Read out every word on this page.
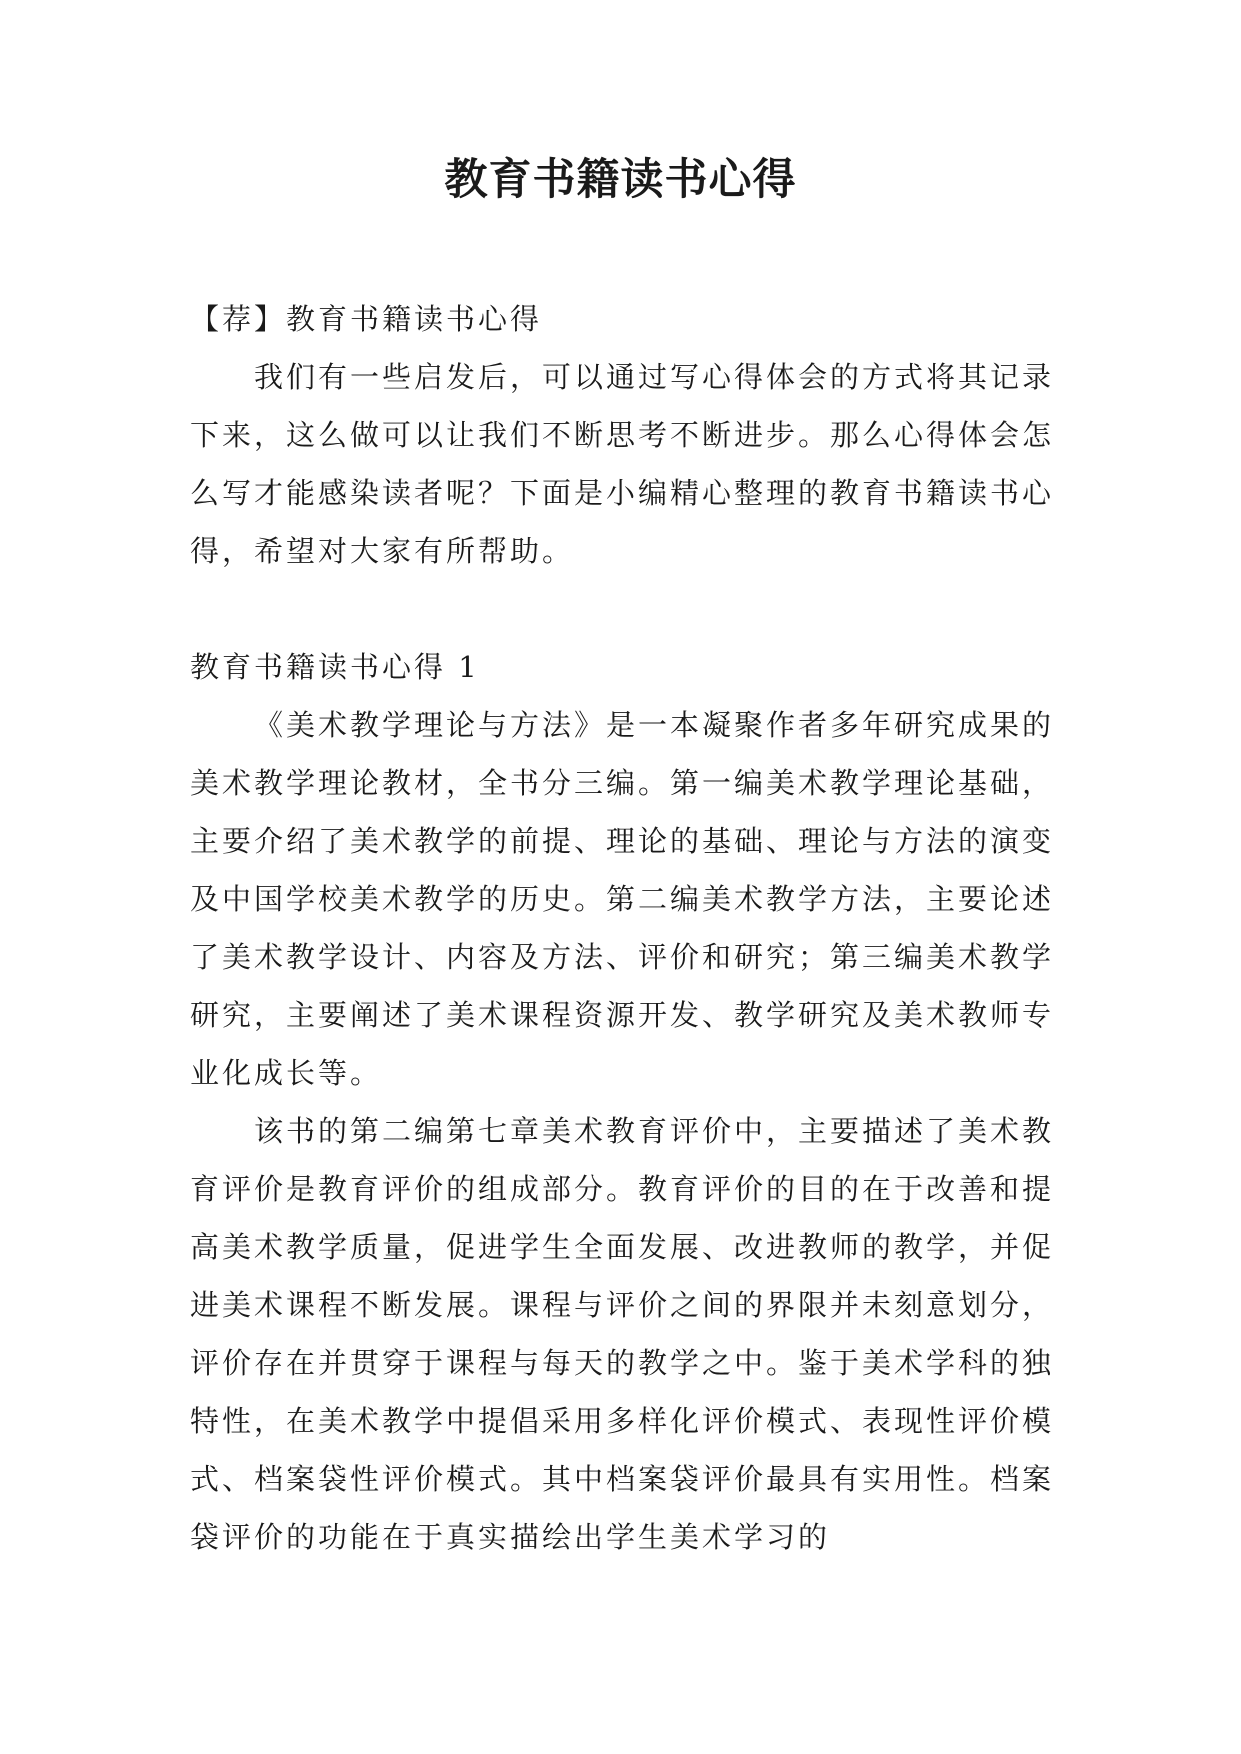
教育书籍读书心得

【荐】教育书籍读书心得

我们有一些启发后，可以通过写心得体会的方式将其记录下来，这么做可以让我们不断思考不断进步。那么心得体会怎么写才能感染读者呢？下面是小编精心整理的教育书籍读书心得，希望对大家有所帮助。

教育书籍读书心得 1

《美术教学理论与方法》是一本凝聚作者多年研究成果的美术教学理论教材，全书分三编。第一编美术教学理论基础，主要介绍了美术教学的前提、理论的基础、理论与方法的演变及中国学校美术教学的历史。第二编美术教学方法，主要论述了美术教学设计、内容及方法、评价和研究；第三编美术教学研究，主要阐述了美术课程资源开发、教学研究及美术教师专业化成长等。

该书的第二编第七章美术教育评价中，主要描述了美术教育评价是教育评价的组成部分。教育评价的目的在于改善和提高美术教学质量，促进学生全面发展、改进教师的教学，并促进美术课程不断发展。课程与评价之间的界限并未刻意划分，评价存在并贯穿于课程与每天的教学之中。鉴于美术学科的独特性，在美术教学中提倡采用多样化评价模式、表现性评价模式、档案袋性评价模式。其中档案袋评价最具有实用性。档案袋评价的功能在于真实描绘出学生美术学习的
